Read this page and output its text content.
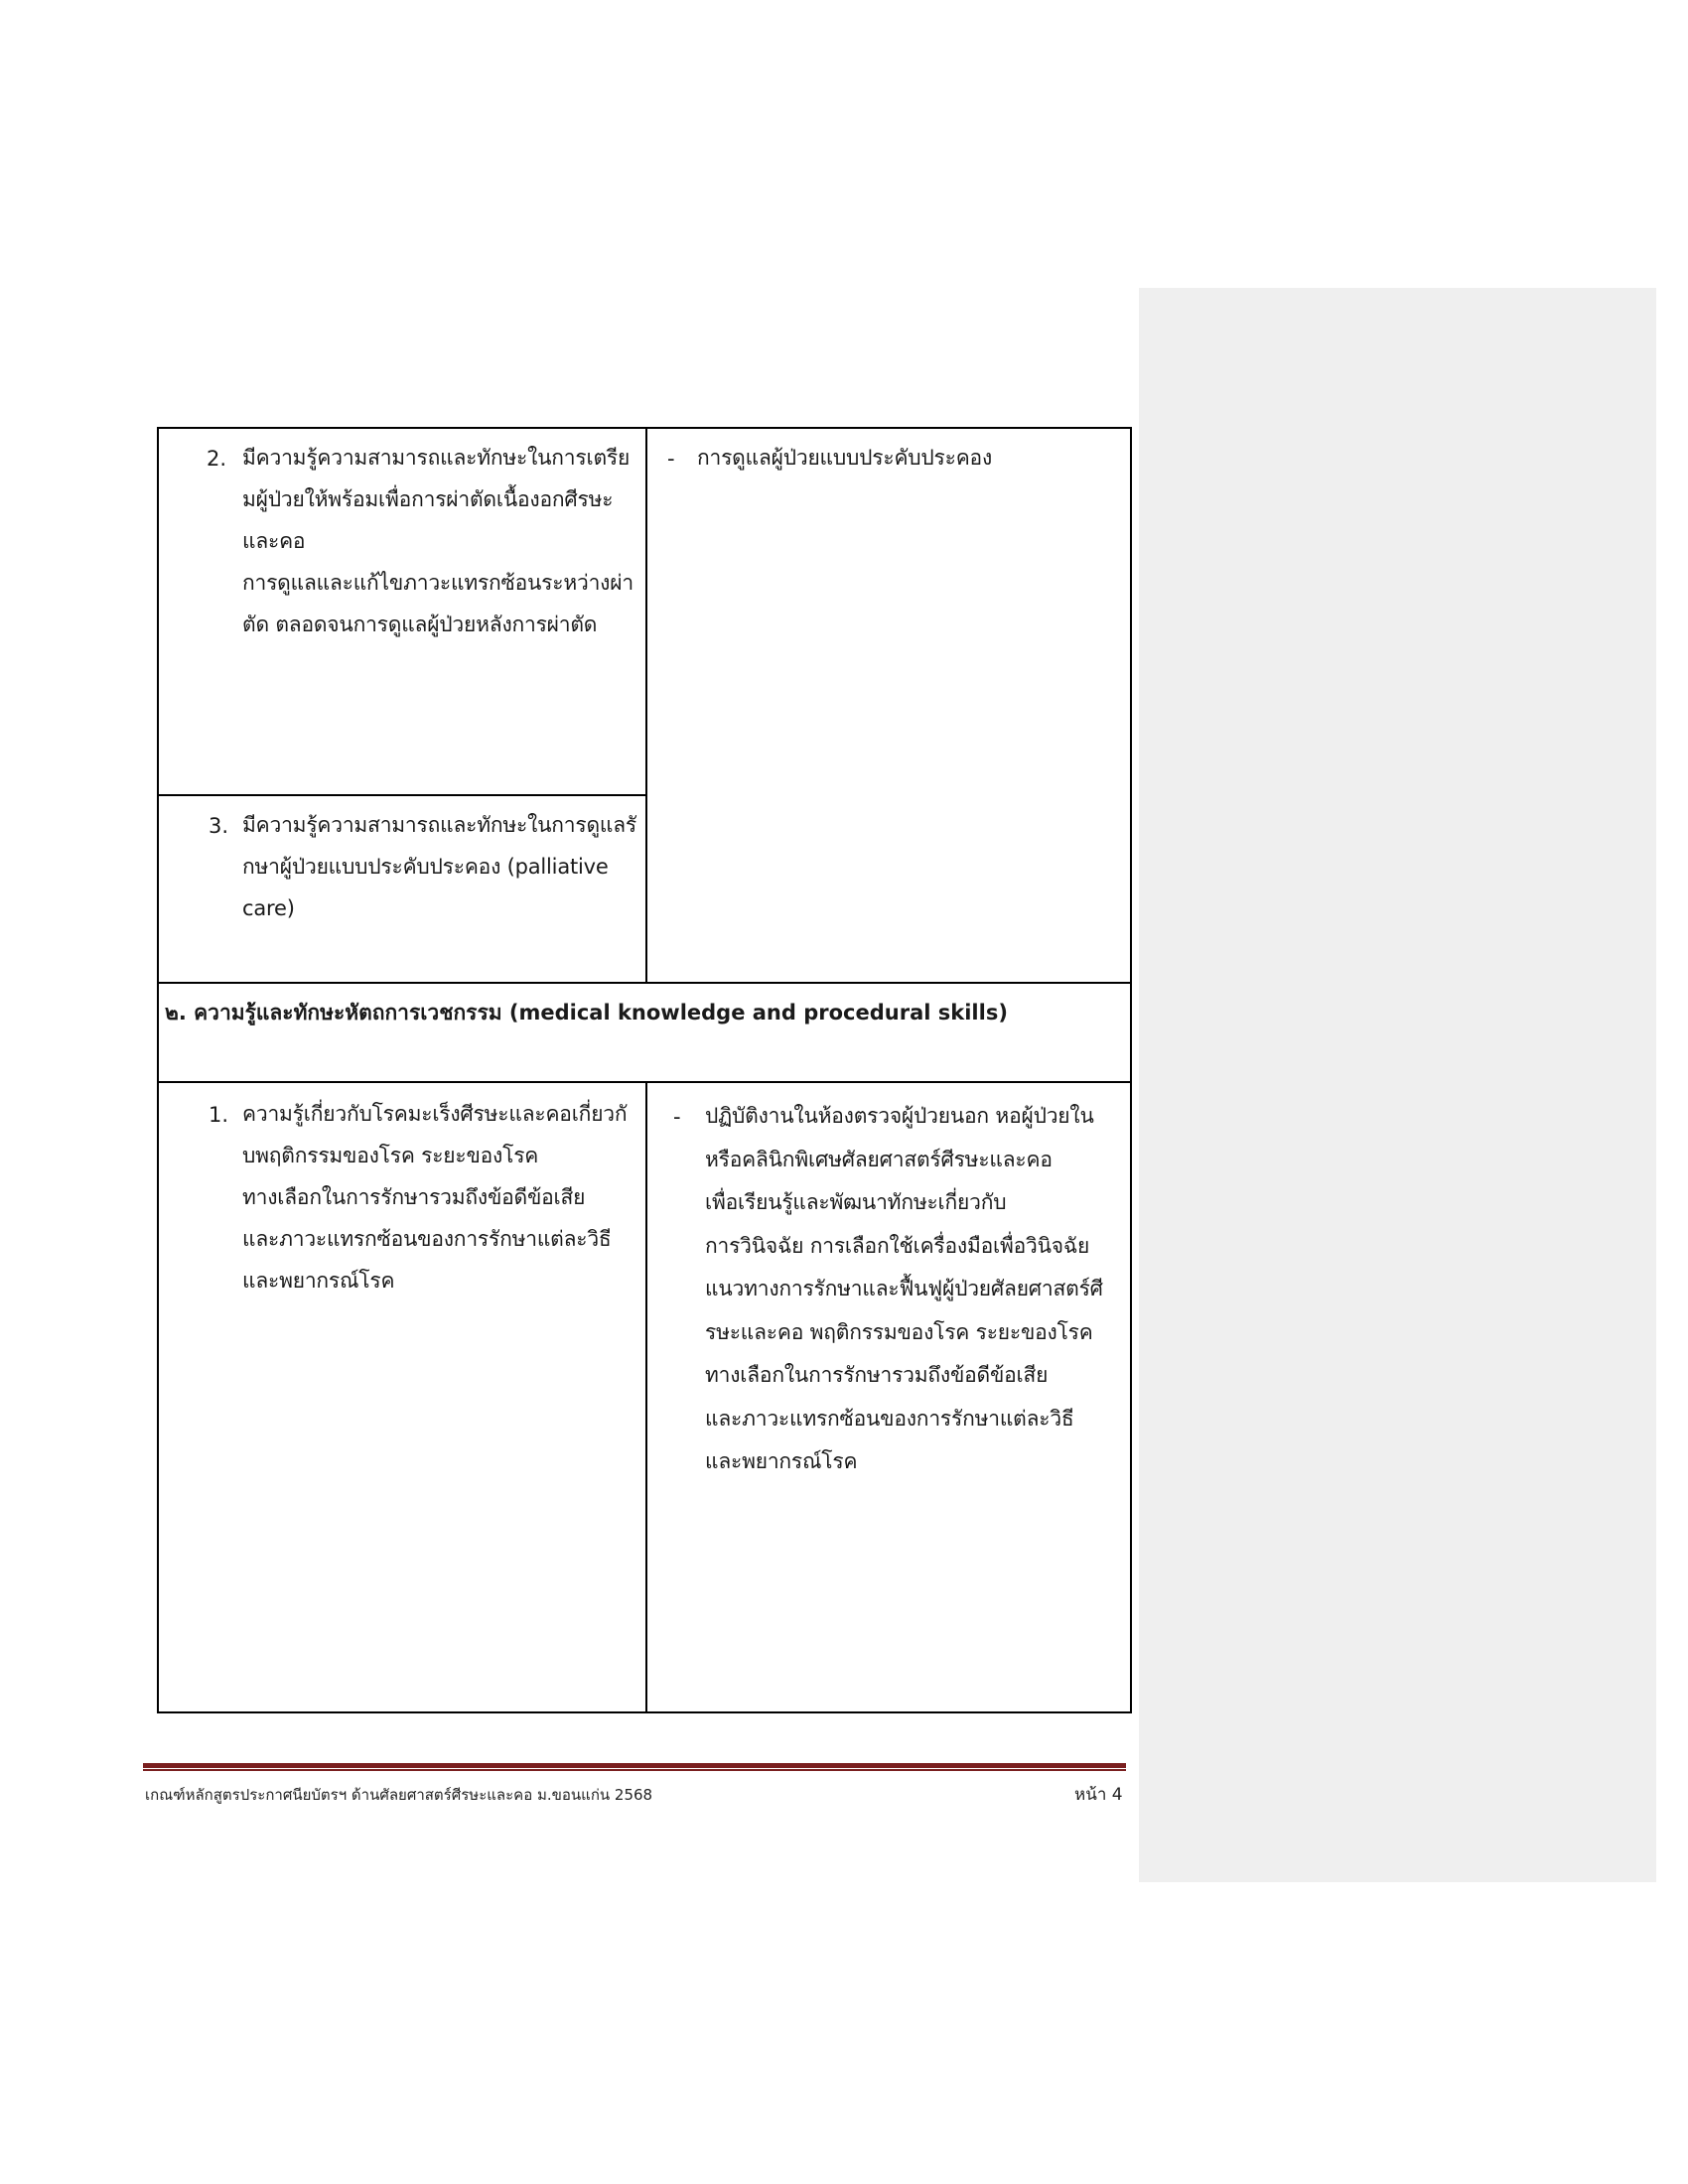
2. มีความรู้ความสามารถและทักษะในการเตรีย
มผู้ป่วยให้พร้อมเพื่อการผ่าตัดเนื้องอกศีรษะ
และคอ
การดูแลและแก้ไขภาวะแทรกซ้อนระหว่างผ่า
ตัด ตลอดจนการดูแลผู้ป่วยหลังการผ่าตัด
3. มีความรู้ความสามารถและทักษะในการดูแลรั
กษาผู้ป่วยแบบประคับประคอง (palliative
care)
- การดูแลผู้ป่วยแบบประคับประคอง
๒. ความรู้และทักษะหัตถการเวชกรรม (medical knowledge and procedural skills)
1. ความรู้เกี่ยวกับโรคมะเร็งศีรษะและคอเกี่ยวกั
บพฤติกรรมของโรค ระยะของโรค
ทางเลือกในการรักษารวมถึงข้อดีข้อเสีย
และภาวะแทรกซ้อนของการรักษาแต่ละวิธี
และพยากรณ์โรค
- ปฏิบัติงานในห้องตรวจผู้ป่วยนอก หอผู้ป่วยใน
หรือคลินิกพิเศษศัลยศาสตร์ศีรษะและคอ
เพื่อเรียนรู้และพัฒนาทักษะเกี่ยวกับ
การวินิจฉัย การเลือกใช้เครื่องมือเพื่อวินิจฉัย
แนวทางการรักษาและฟื้นฟูผู้ป่วยศัลยศาสตร์ศี
รษะและคอ พฤติกรรมของโรค ระยะของโรค
ทางเลือกในการรักษารวมถึงข้อดีข้อเสีย
และภาวะแทรกซ้อนของการรักษาแต่ละวิธี
และพยากรณ์โรค
เกณฑ์หลักสูตรประกาศนียบัตรฯ ด้านศัลยศาสตร์ศีรษะและคอ ม.ขอนแก่น 2568	หน้า 4
